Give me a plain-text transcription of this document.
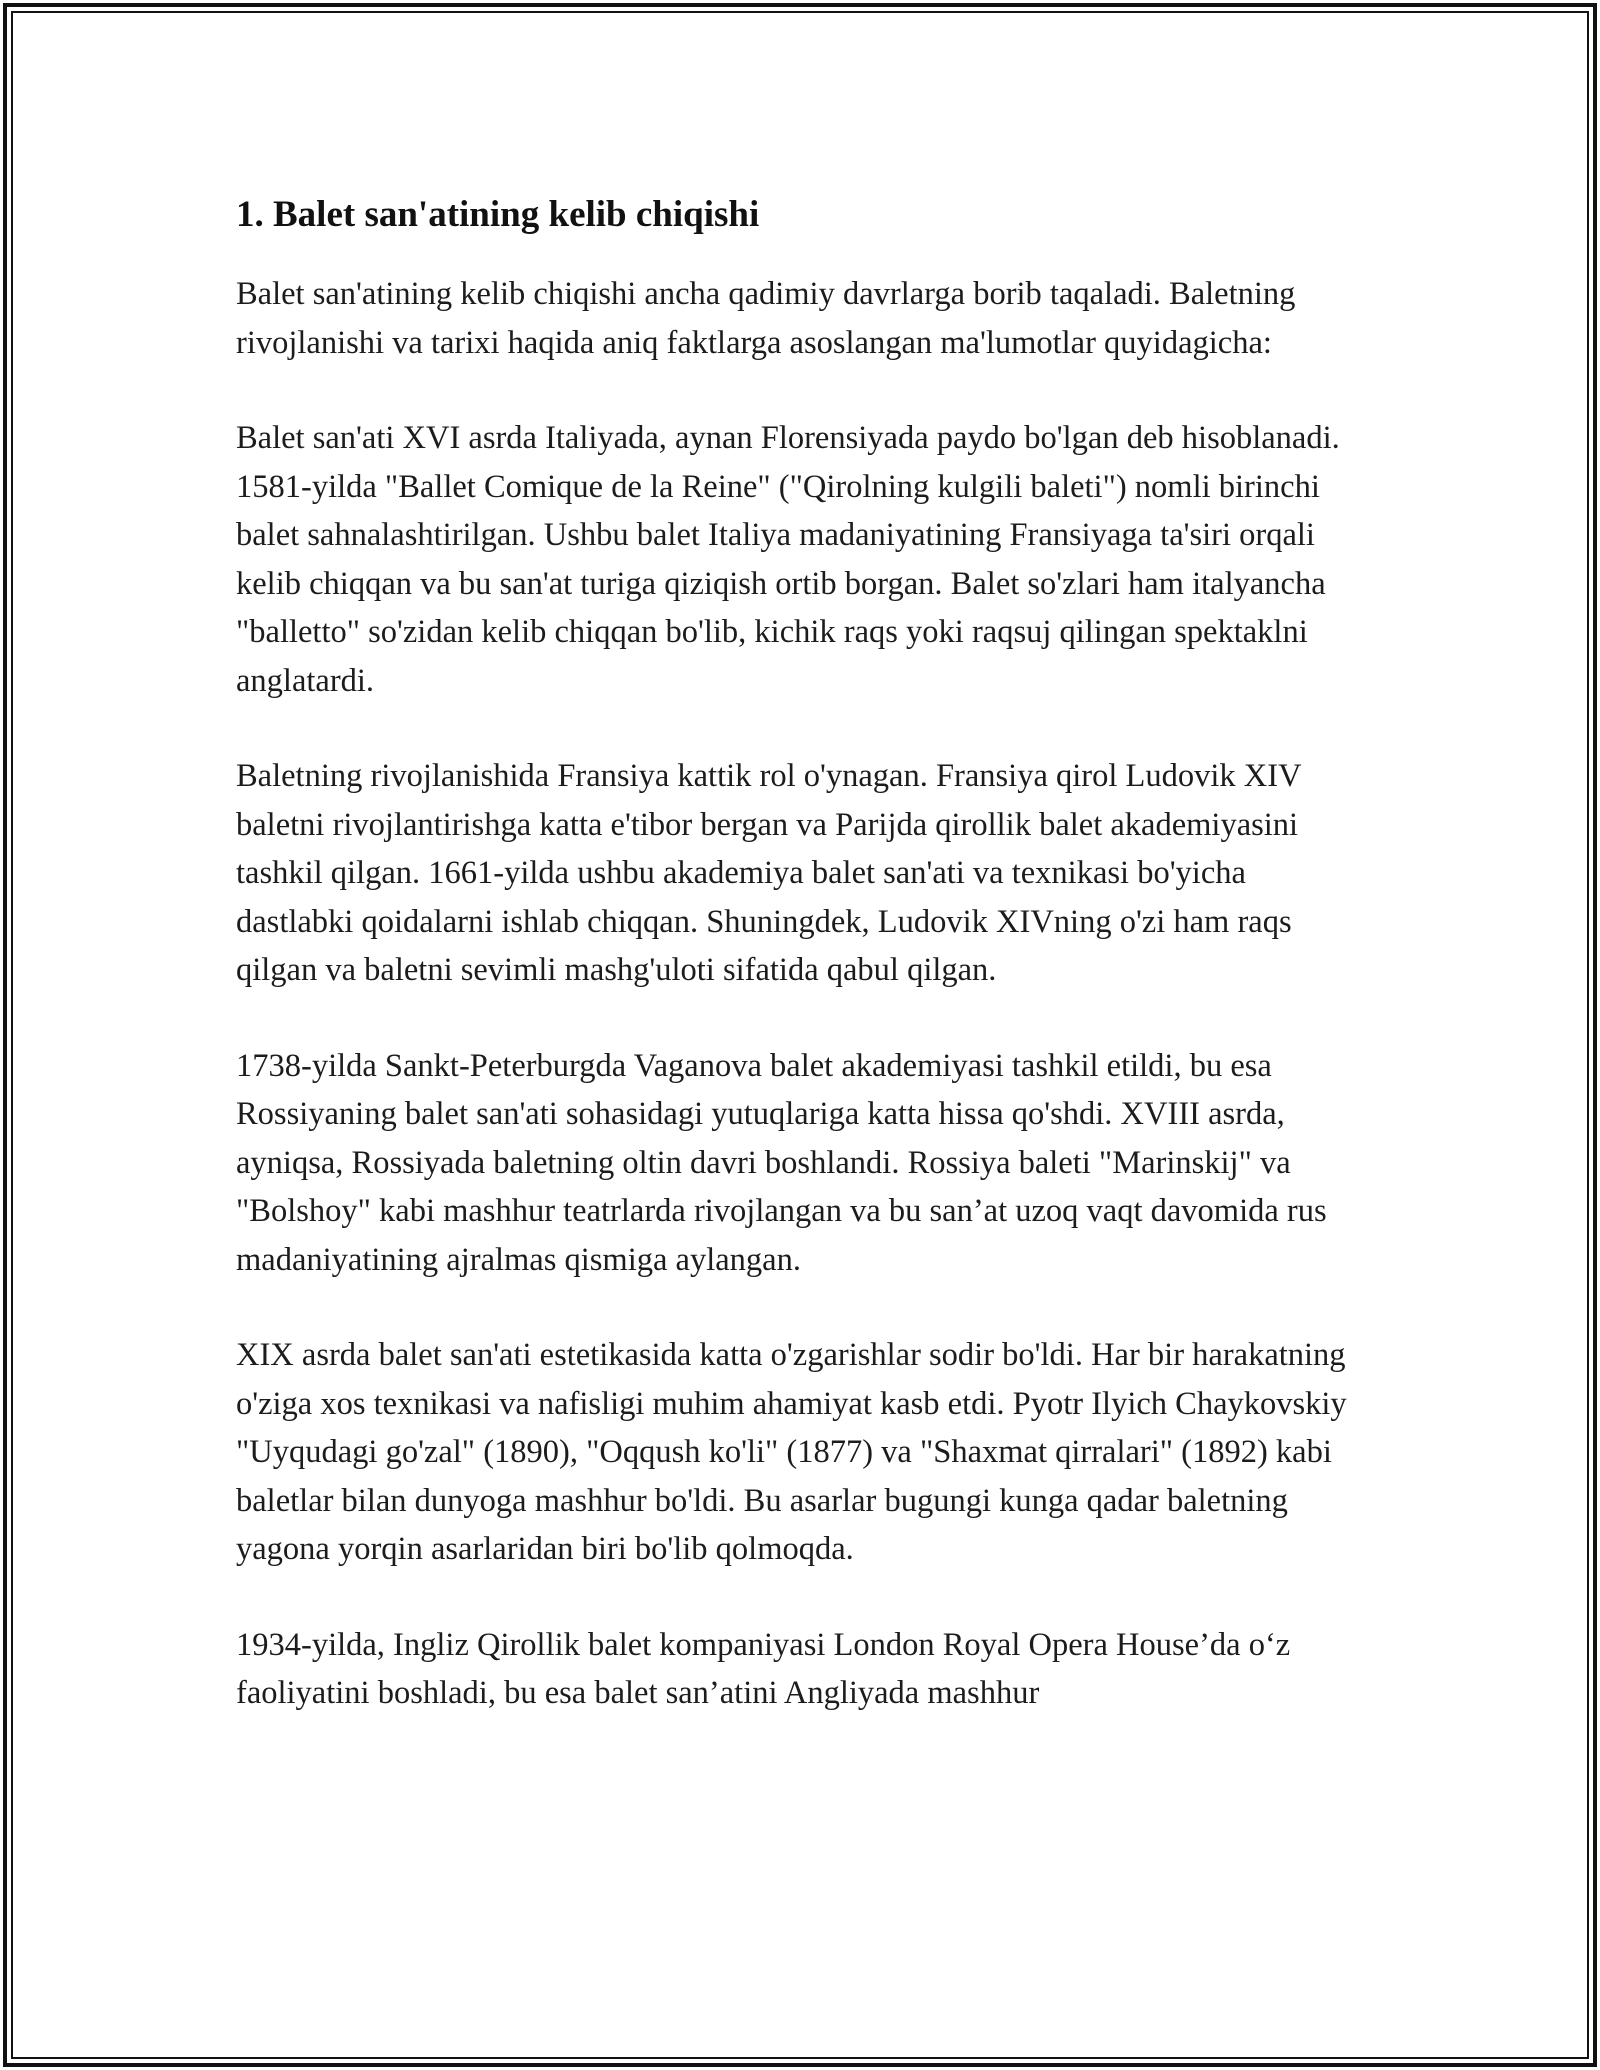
1. Balet san'atining kelib chiqishi

Balet san'atining kelib chiqishi ancha qadimiy davrlarga borib taqaladi. Baletning rivojlanishi va tarixi haqida aniq faktlarga asoslangan ma'lumotlar quyidagicha:

Balet san'ati XVI asrda Italiyada, aynan Florensiyada paydo bo'lgan deb hisoblanadi. 1581-yilda "Ballet Comique de la Reine" ("Qirolning kulgili baleti") nomli birinchi balet sahnalashtirilgan. Ushbu balet Italiya madaniyatining Fransiyaga ta'siri orqali kelib chiqqan va bu san'at turiga qiziqish ortib borgan. Balet so'zlari ham italyancha "balletto" so'zidan kelib chiqqan bo'lib, kichik raqs yoki raqsuj qilingan spektaklni anglatardi.

Baletning rivojlanishida Fransiya kattik rol o'ynagan. Fransiya qirol Ludovik XIV baletni rivojlantirishga katta e'tibor bergan va Parijda qirollik balet akademiyasini tashkil qilgan. 1661-yilda ushbu akademiya balet san'ati va texnikasi bo'yicha dastlabki qoidalarni ishlab chiqqan. Shuningdek, Ludovik XIVning o'zi ham raqs qilgan va baletni sevimli mashg'uloti sifatida qabul qilgan.

1738-yilda Sankt-Peterburgda Vaganova balet akademiyasi tashkil etildi, bu esa Rossiyaning balet san'ati sohasidagi yutuqlariga katta hissa qo'shdi. XVIII asrda, ayniqsa, Rossiyada baletning oltin davri boshlandi. Rossiya baleti "Marinskij" va "Bolshoy" kabi mashhur teatrlarda rivojlangan va bu san’at uzoq vaqt davomida rus madaniyatining ajralmas qismiga aylangan.

XIX asrda balet san'ati estetikasida katta o'zgarishlar sodir bo'ldi. Har bir harakatning o'ziga xos texnikasi va nafisligi muhim ahamiyat kasb etdi. Pyotr Ilyich Chaykovskiy "Uyqudagi go'zal" (1890), "Oqqush ko'li" (1877) va "Shaxmat qirralari" (1892) kabi baletlar bilan dunyoga mashhur bo'ldi. Bu asarlar bugungi kunga qadar baletning yagona yorqin asarlaridan biri bo'lib qolmoqda.

1934-yilda, Ingliz Qirollik balet kompaniyasi London Royal Opera House’da o‘z faoliyatini boshladi, bu esa balet san’atini Angliyada mashhur
